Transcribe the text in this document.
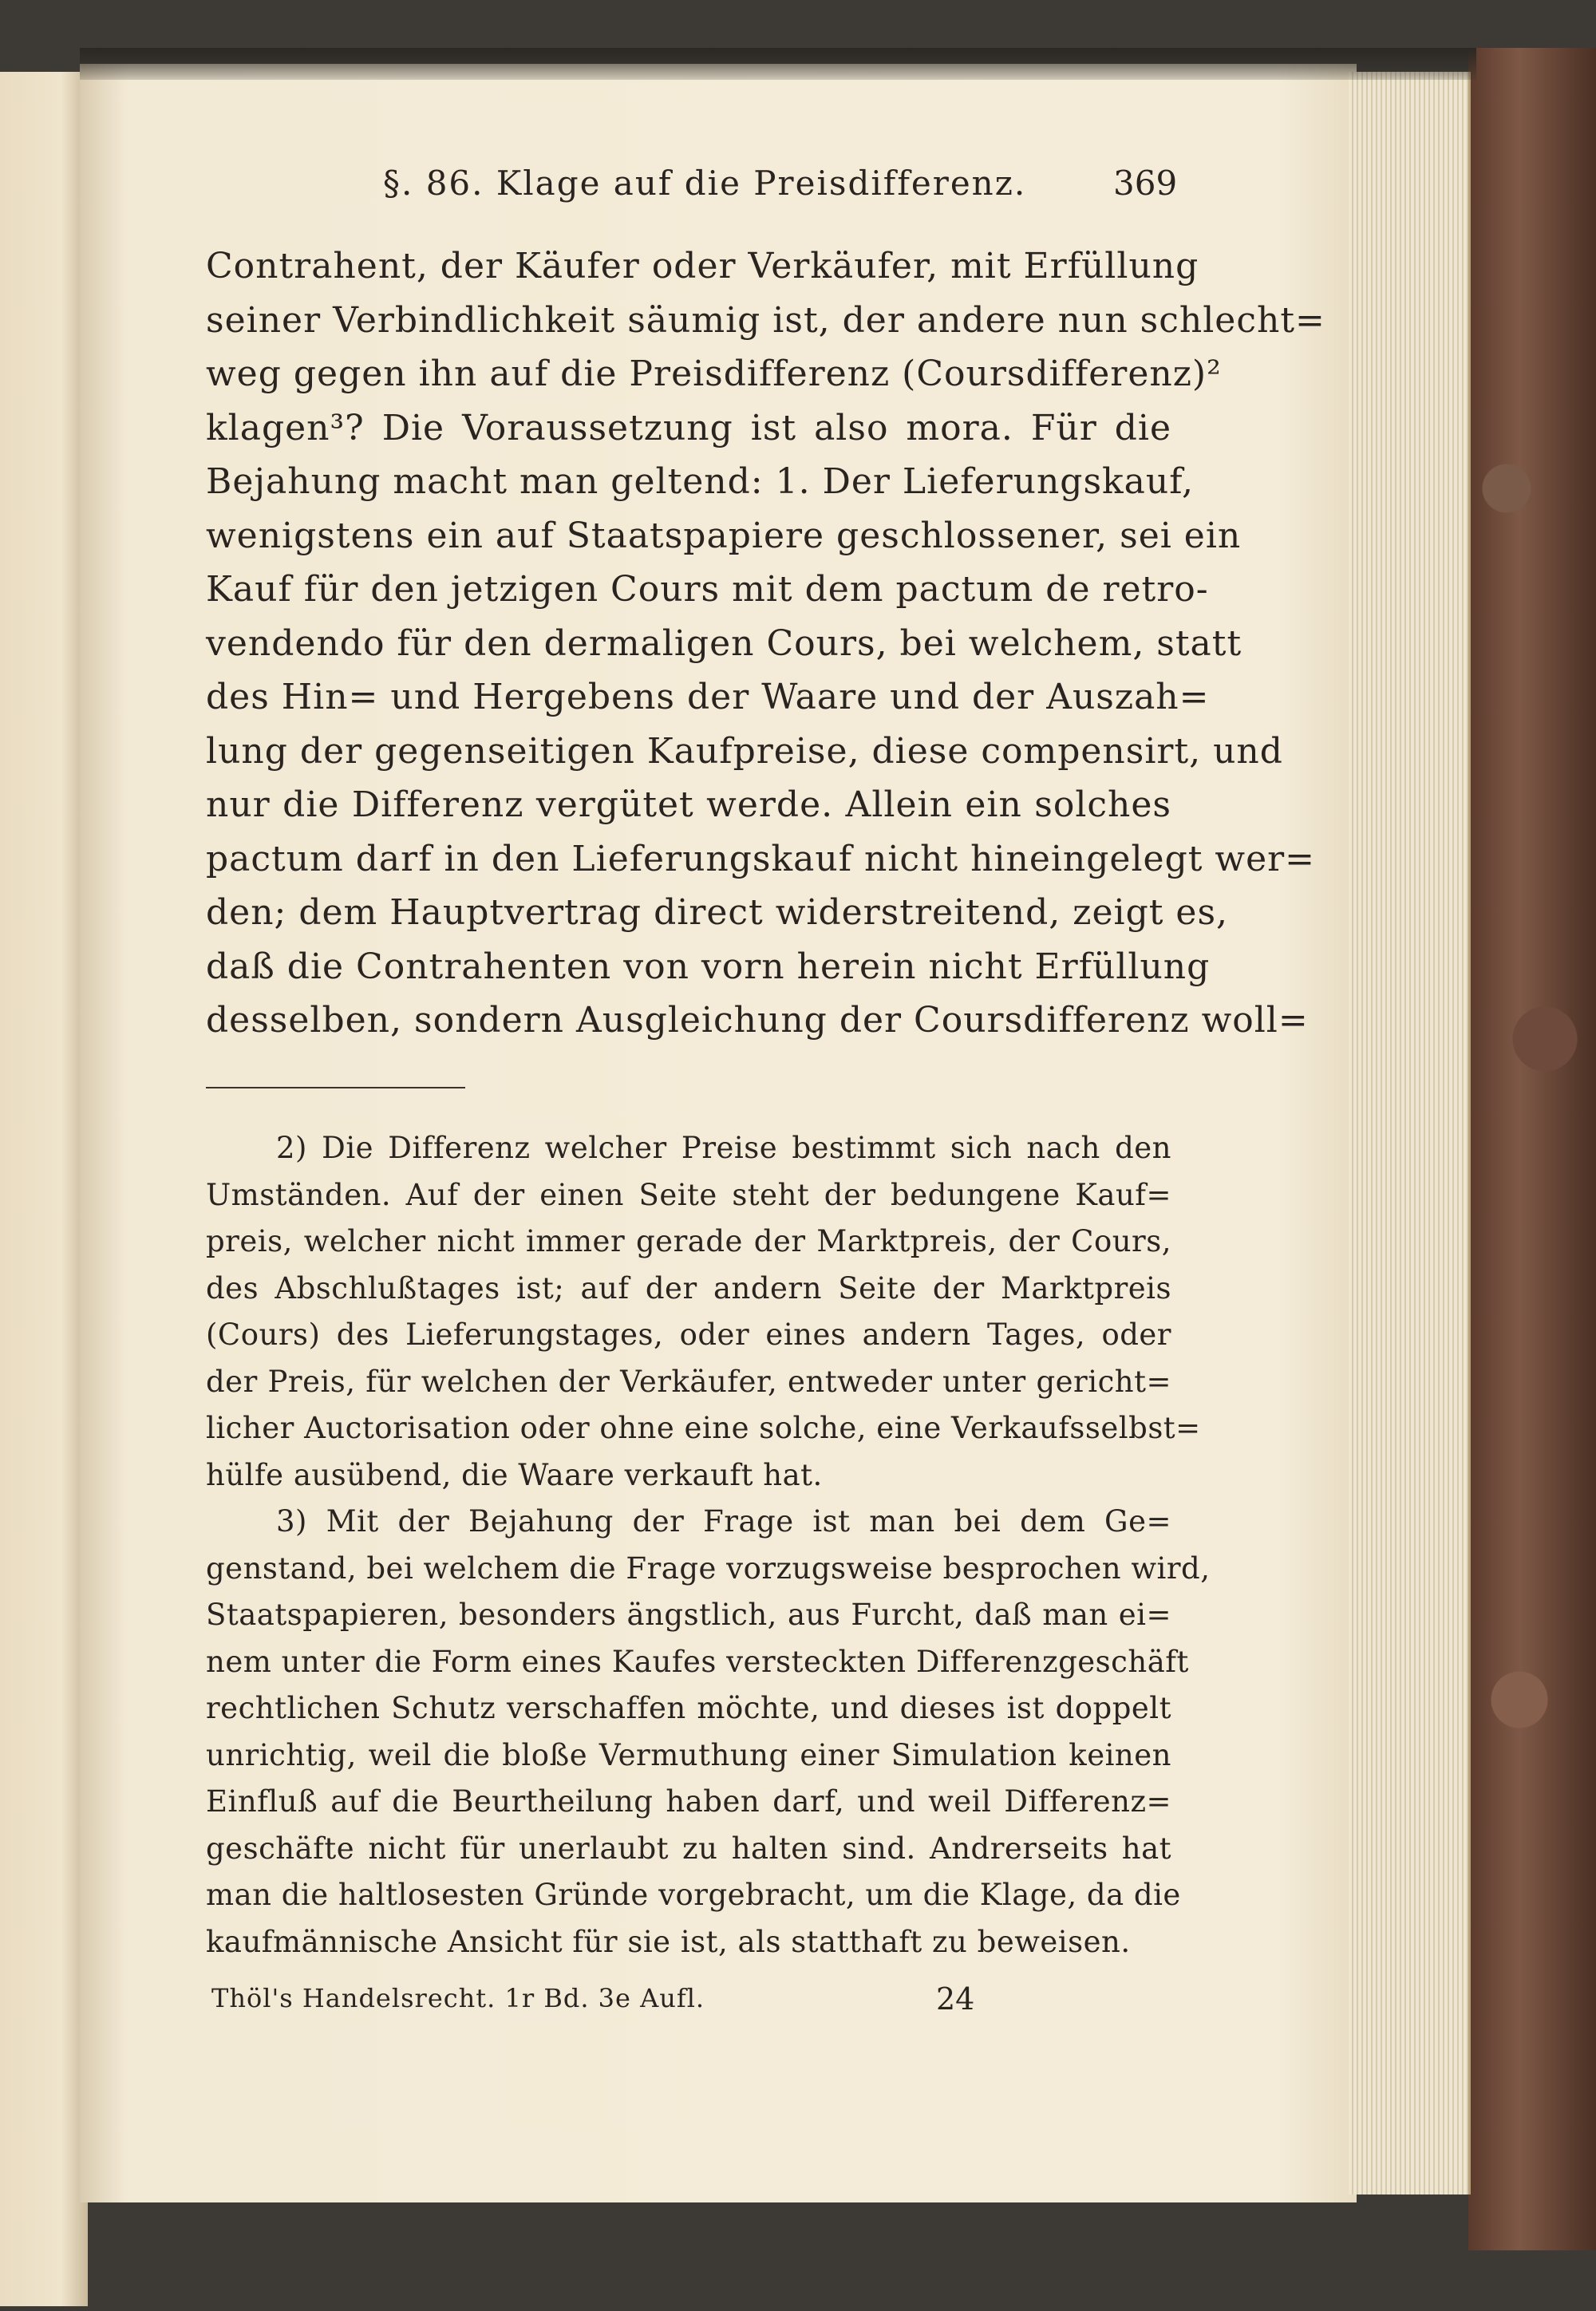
§. 86. Klage auf die Preisdifferenz.	369
Contrahent, der Käufer oder Verkäufer, mit Erfüllung
seiner Verbindlichkeit säumig ist, der andere nun schlecht=
weg gegen ihn auf die Preisdifferenz (Coursdifferenz)²
klagen³? Die Voraussetzung ist also mora. Für die
Bejahung macht man geltend: 1. Der Lieferungskauf,
wenigstens ein auf Staatspapiere geschlossener, sei ein
Kauf für den jetzigen Cours mit dem pactum de retro-
vendendo für den dermaligen Cours, bei welchem, statt
des Hin= und Hergebens der Waare und der Auszah=
lung der gegenseitigen Kaufpreise, diese compensirt, und
nur die Differenz vergütet werde. Allein ein solches
pactum darf in den Lieferungskauf nicht hineingelegt wer=
den; dem Hauptvertrag direct widerstreitend, zeigt es,
daß die Contrahenten von vorn herein nicht Erfüllung
desselben, sondern Ausgleichung der Coursdifferenz woll=
2) Die Differenz welcher Preise bestimmt sich nach den
Umständen. Auf der einen Seite steht der bedungene Kauf=
preis, welcher nicht immer gerade der Marktpreis, der Cours,
des Abschlußtages ist; auf der andern Seite der Marktpreis
(Cours) des Lieferungstages, oder eines andern Tages, oder
der Preis, für welchen der Verkäufer, entweder unter gericht=
licher Auctorisation oder ohne eine solche, eine Verkaufsselbst=
hülfe ausübend, die Waare verkauft hat.
3) Mit der Bejahung der Frage ist man bei dem Ge=
genstand, bei welchem die Frage vorzugsweise besprochen wird,
Staatspapieren, besonders ängstlich, aus Furcht, daß man ei=
nem unter die Form eines Kaufes versteckten Differenzgeschäft
rechtlichen Schutz verschaffen möchte, und dieses ist doppelt
unrichtig, weil die bloße Vermuthung einer Simulation keinen
Einfluß auf die Beurtheilung haben darf, und weil Differenz=
geschäfte nicht für unerlaubt zu halten sind. Andrerseits hat
man die haltlosesten Gründe vorgebracht, um die Klage, da die
kaufmännische Ansicht für sie ist, als statthaft zu beweisen.
Thöl's Handelsrecht. 1r Bd. 3e Aufl.	24
